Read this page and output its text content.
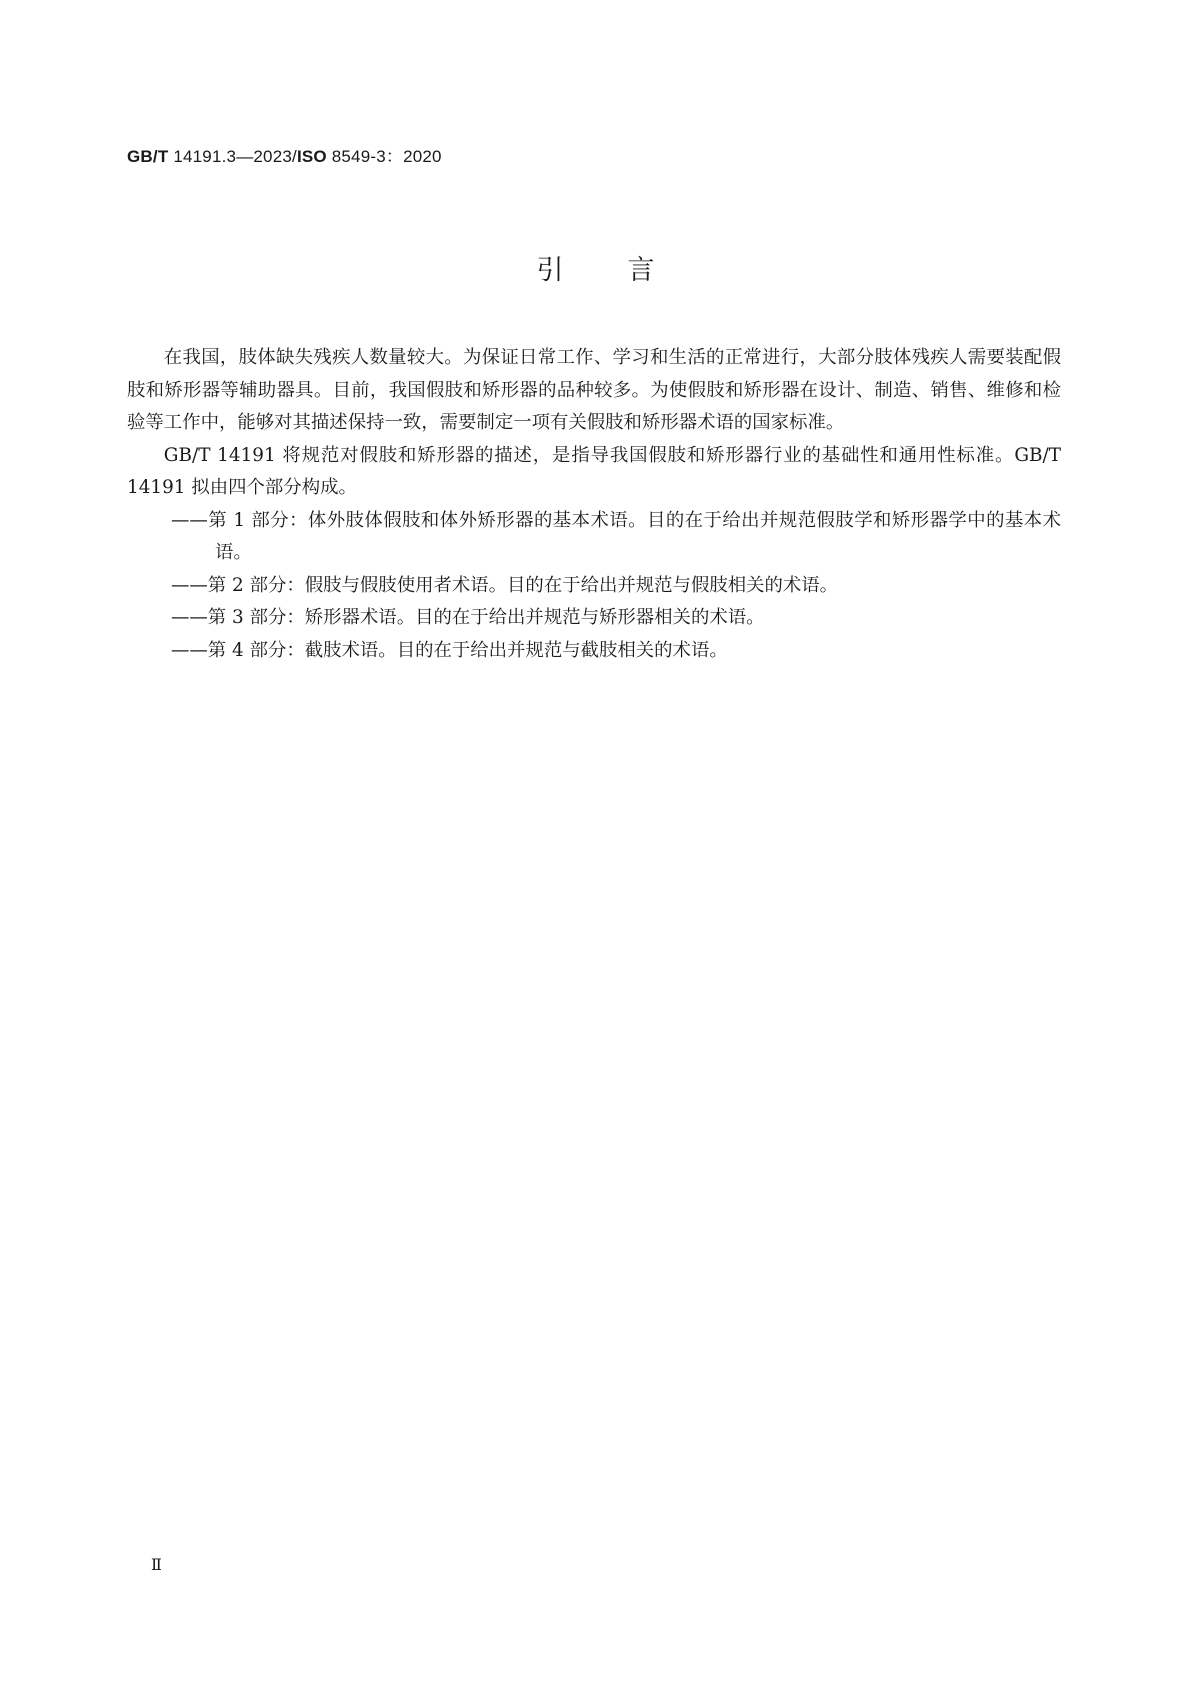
GB/T 14191.3—2023/ISO 8549-3：2020
引言

在我国，肢体缺失残疾人数量较大。为保证日常工作、学习和生活的正常进行，大部分肢体残疾人需要装配假肢和矫形器等辅助器具。目前，我国假肢和矫形器的品种较多。为使假肢和矫形器在设计、制造、销售、维修和检验等工作中，能够对其描述保持一致，需要制定一项有关假肢和矫形器术语的国家标准。

GB/T 14191 将规范对假肢和矫形器的描述，是指导我国假肢和矫形器行业的基础性和通用性标准。GB/T 14191 拟由四个部分构成。

——第 1 部分：体外肢体假肢和体外矫形器的基本术语。目的在于给出并规范假肢学和矫形器学中的基本术语。
——第 2 部分：假肢与假肢使用者术语。目的在于给出并规范与假肢相关的术语。
——第 3 部分：矫形器术语。目的在于给出并规范与矫形器相关的术语。
——第 4 部分：截肢术语。目的在于给出并规范与截肢相关的术语。
Ⅱ
